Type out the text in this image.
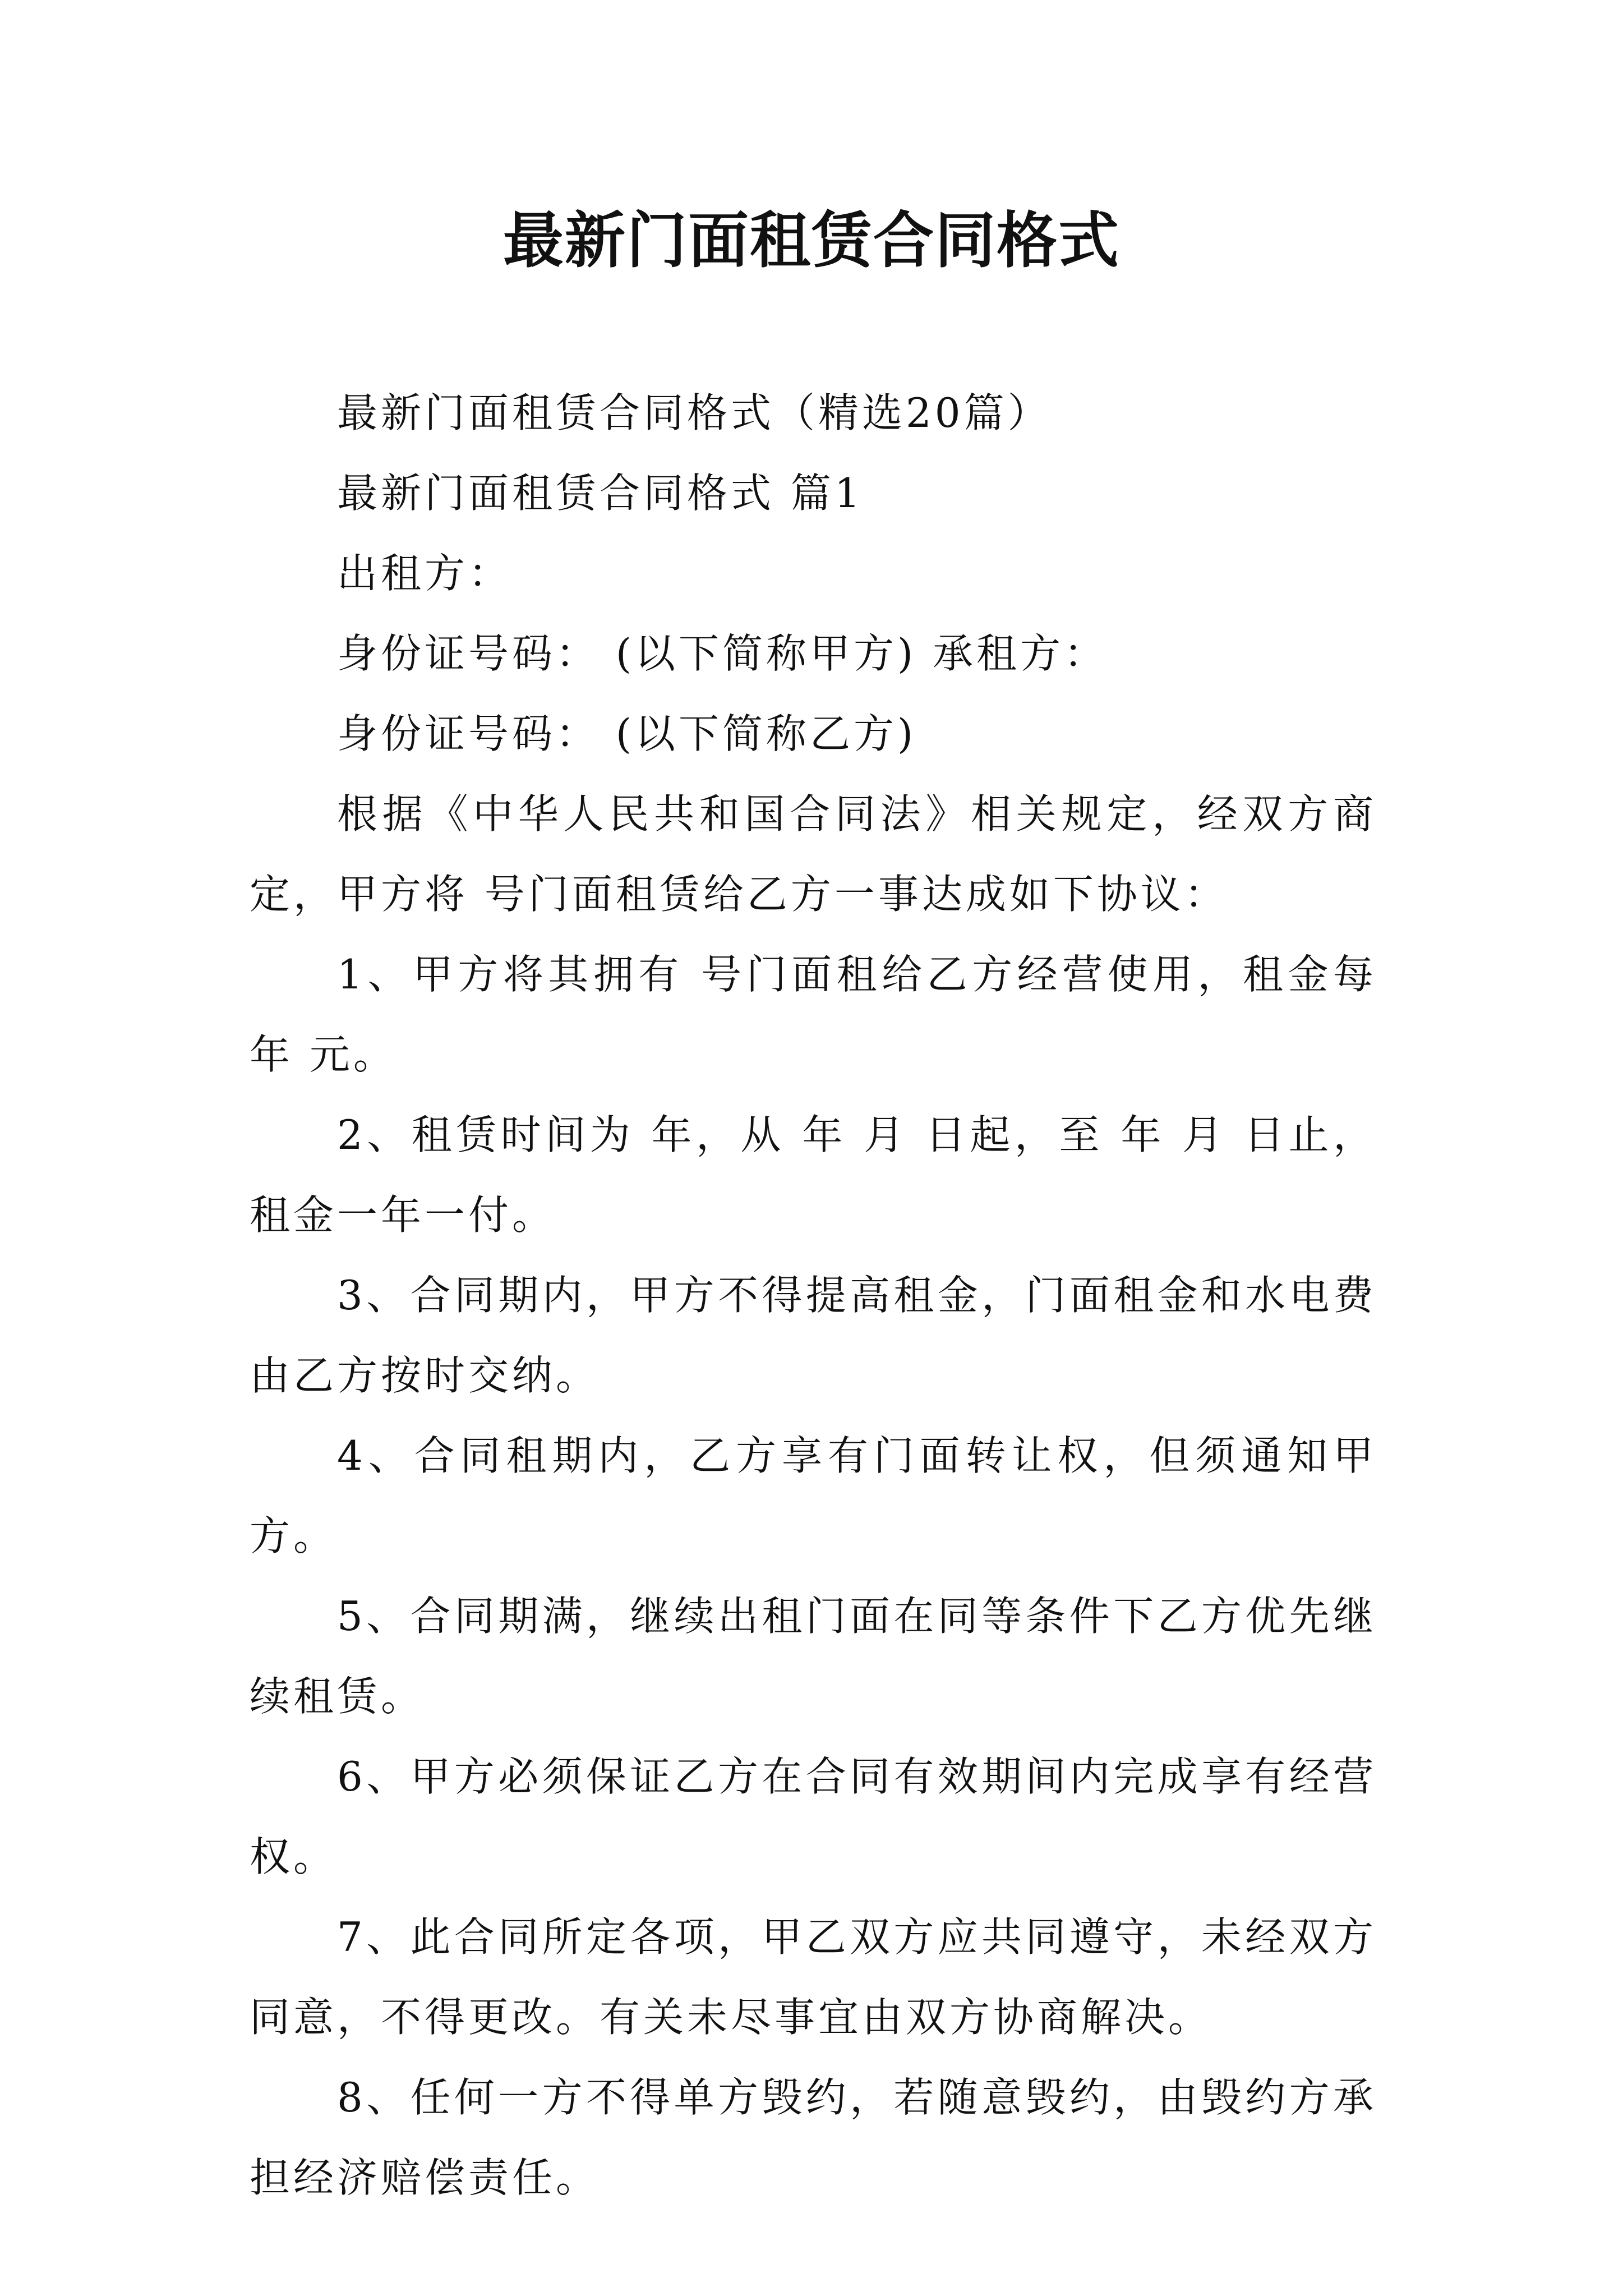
最新门面租赁合同格式

最新门面租赁合同格式（精选20篇）

最新门面租赁合同格式 篇1

出租方：

身份证号码： (以下简称甲方) 承租方：

身份证号码： (以下简称乙方)

根据《中华人民共和国合同法》相关规定，经双方商定，甲方将 号门面租赁给乙方一事达成如下协议：

1、甲方将其拥有 号门面租给乙方经营使用，租金每年 元。

2、租赁时间为 年，从 年 月 日起，至 年 月 日止，租金一年一付。

3、合同期内，甲方不得提高租金，门面租金和水电费由乙方按时交纳。

4、合同租期内，乙方享有门面转让权，但须通知甲方。

5、合同期满，继续出租门面在同等条件下乙方优先继续租赁。

6、甲方必须保证乙方在合同有效期间内完成享有经营权。

7、此合同所定各项，甲乙双方应共同遵守，未经双方同意，不得更改。有关未尽事宜由双方协商解决。

8、任何一方不得单方毁约，若随意毁约，由毁约方承担经济赔偿责任。
